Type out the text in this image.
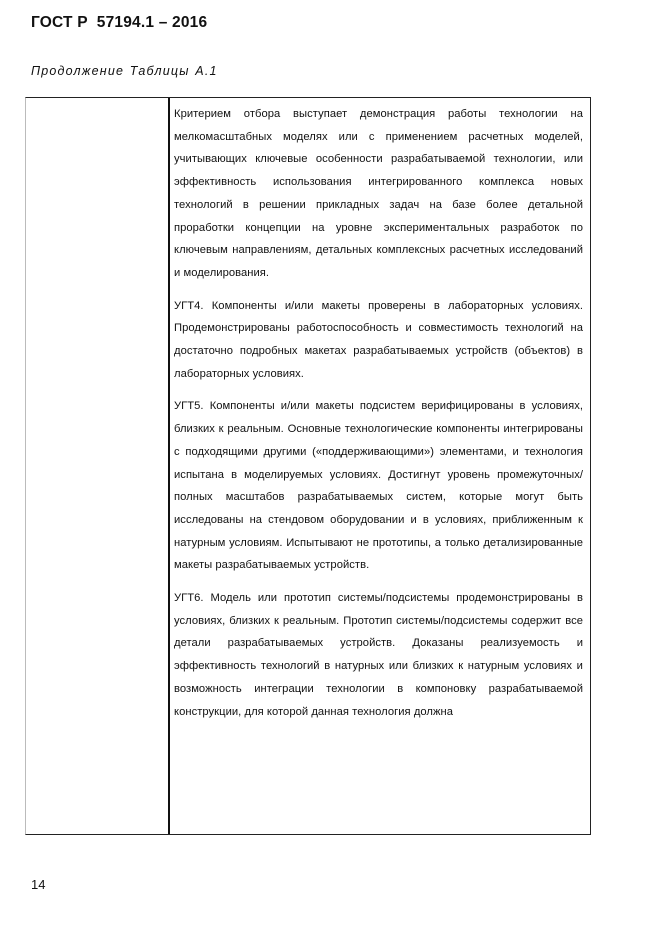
ГОСТ Р  57194.1 – 2016
Продолжение Таблицы А.1

Критерием отбора выступает демонстрация работы технологии на мелкомасштабных моделях или с применением расчетных моделей, учитывающих ключевые особенности разрабатываемой технологии, или эффективность использования интегрированного комплекса новых технологий в решении прикладных задач на базе более детальной проработки концепции на уровне экспериментальных разработок по ключевым направлениям, детальных комплексных расчетных исследований и моделирования.

УГТ4. Компоненты и/или макеты проверены в лабораторных условиях. Продемонстрированы работоспособность и совместимость технологий на достаточно подробных макетах разрабатываемых устройств (объектов) в лабораторных условиях.

УГТ5. Компоненты и/или макеты подсистем верифицированы в условиях, близких к реальным. Основные технологические компоненты интегрированы с подходящими другими («поддерживающими») элементами, и технология испытана в моделируемых условиях. Достигнут уровень промежуточных/полных масштабов разрабатываемых систем, которые могут быть исследованы на стендовом оборудовании и в условиях, приближенным к натурным условиям. Испытывают не прототипы, а только детализированные макеты разрабатываемых устройств.

УГТ6. Модель или прототип системы/подсистемы продемонстрированы в условиях, близких к реальным. Прототип системы/подсистемы содержит все детали разрабатываемых устройств. Доказаны реализуемость и эффективность технологий в натурных или близких к натурным условиях и возможность интеграции технологии в компоновку разрабатываемой конструкции, для которой данная технология должна

14
